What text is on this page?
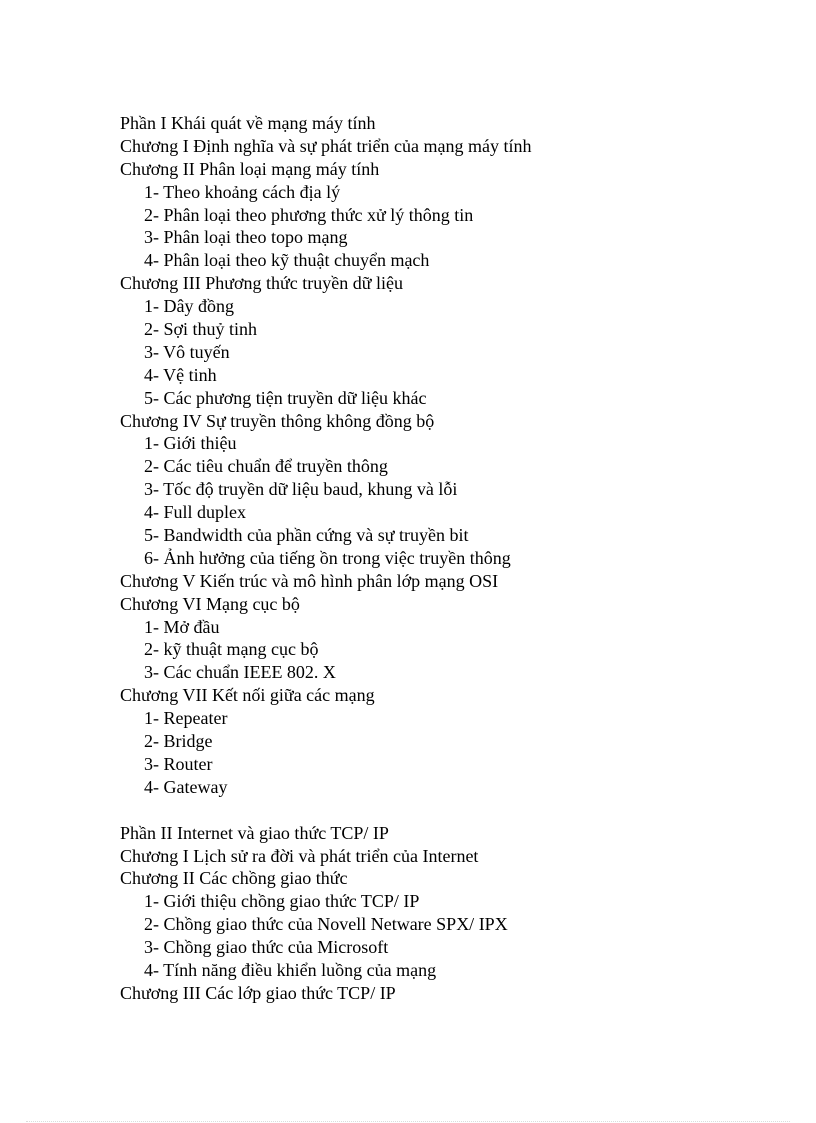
Phần I Khái quát về mạng máy tính
Chương I Định nghĩa và sự phát triển của mạng máy tính
Chương II Phân loại mạng máy tính
1- Theo khoảng cách địa lý
2- Phân loại theo phương thức xử lý thông tin
3- Phân loại theo topo mạng
4- Phân loại theo kỹ thuật chuyển mạch
Chương III Phương thức truyền dữ liệu
1- Dây đồng
2- Sợi thuỷ tinh
3- Vô tuyến
4- Vệ tinh
5- Các phương tiện truyền dữ liệu khác
Chương IV Sự truyền thông không đồng bộ
1- Giới thiệu
2- Các tiêu chuẩn để truyền thông
3- Tốc độ truyền dữ liệu baud, khung và lỗi
4- Full duplex
5- Bandwidth của phần cứng và sự truyền bit
6- Ảnh hưởng của tiếng ồn trong việc truyền thông
Chương V Kiến trúc và mô hình phân lớp mạng OSI
Chương VI Mạng cục bộ
1- Mở đầu
2- kỹ thuật mạng cục bộ
3- Các chuẩn IEEE 802. X
Chương VII Kết nối giữa các mạng
1- Repeater
2- Bridge
3- Router
4- Gateway
Phần II Internet và giao thức TCP/ IP
Chương I Lịch sử ra đời và phát triển của Internet
Chương II Các chồng giao thức
1- Giới thiệu chồng giao thức TCP/ IP
2- Chồng giao thức của Novell Netware SPX/ IPX
3- Chồng giao thức của Microsoft
4- Tính năng điều khiển luồng của mạng
Chương III Các lớp giao thức TCP/ IP
